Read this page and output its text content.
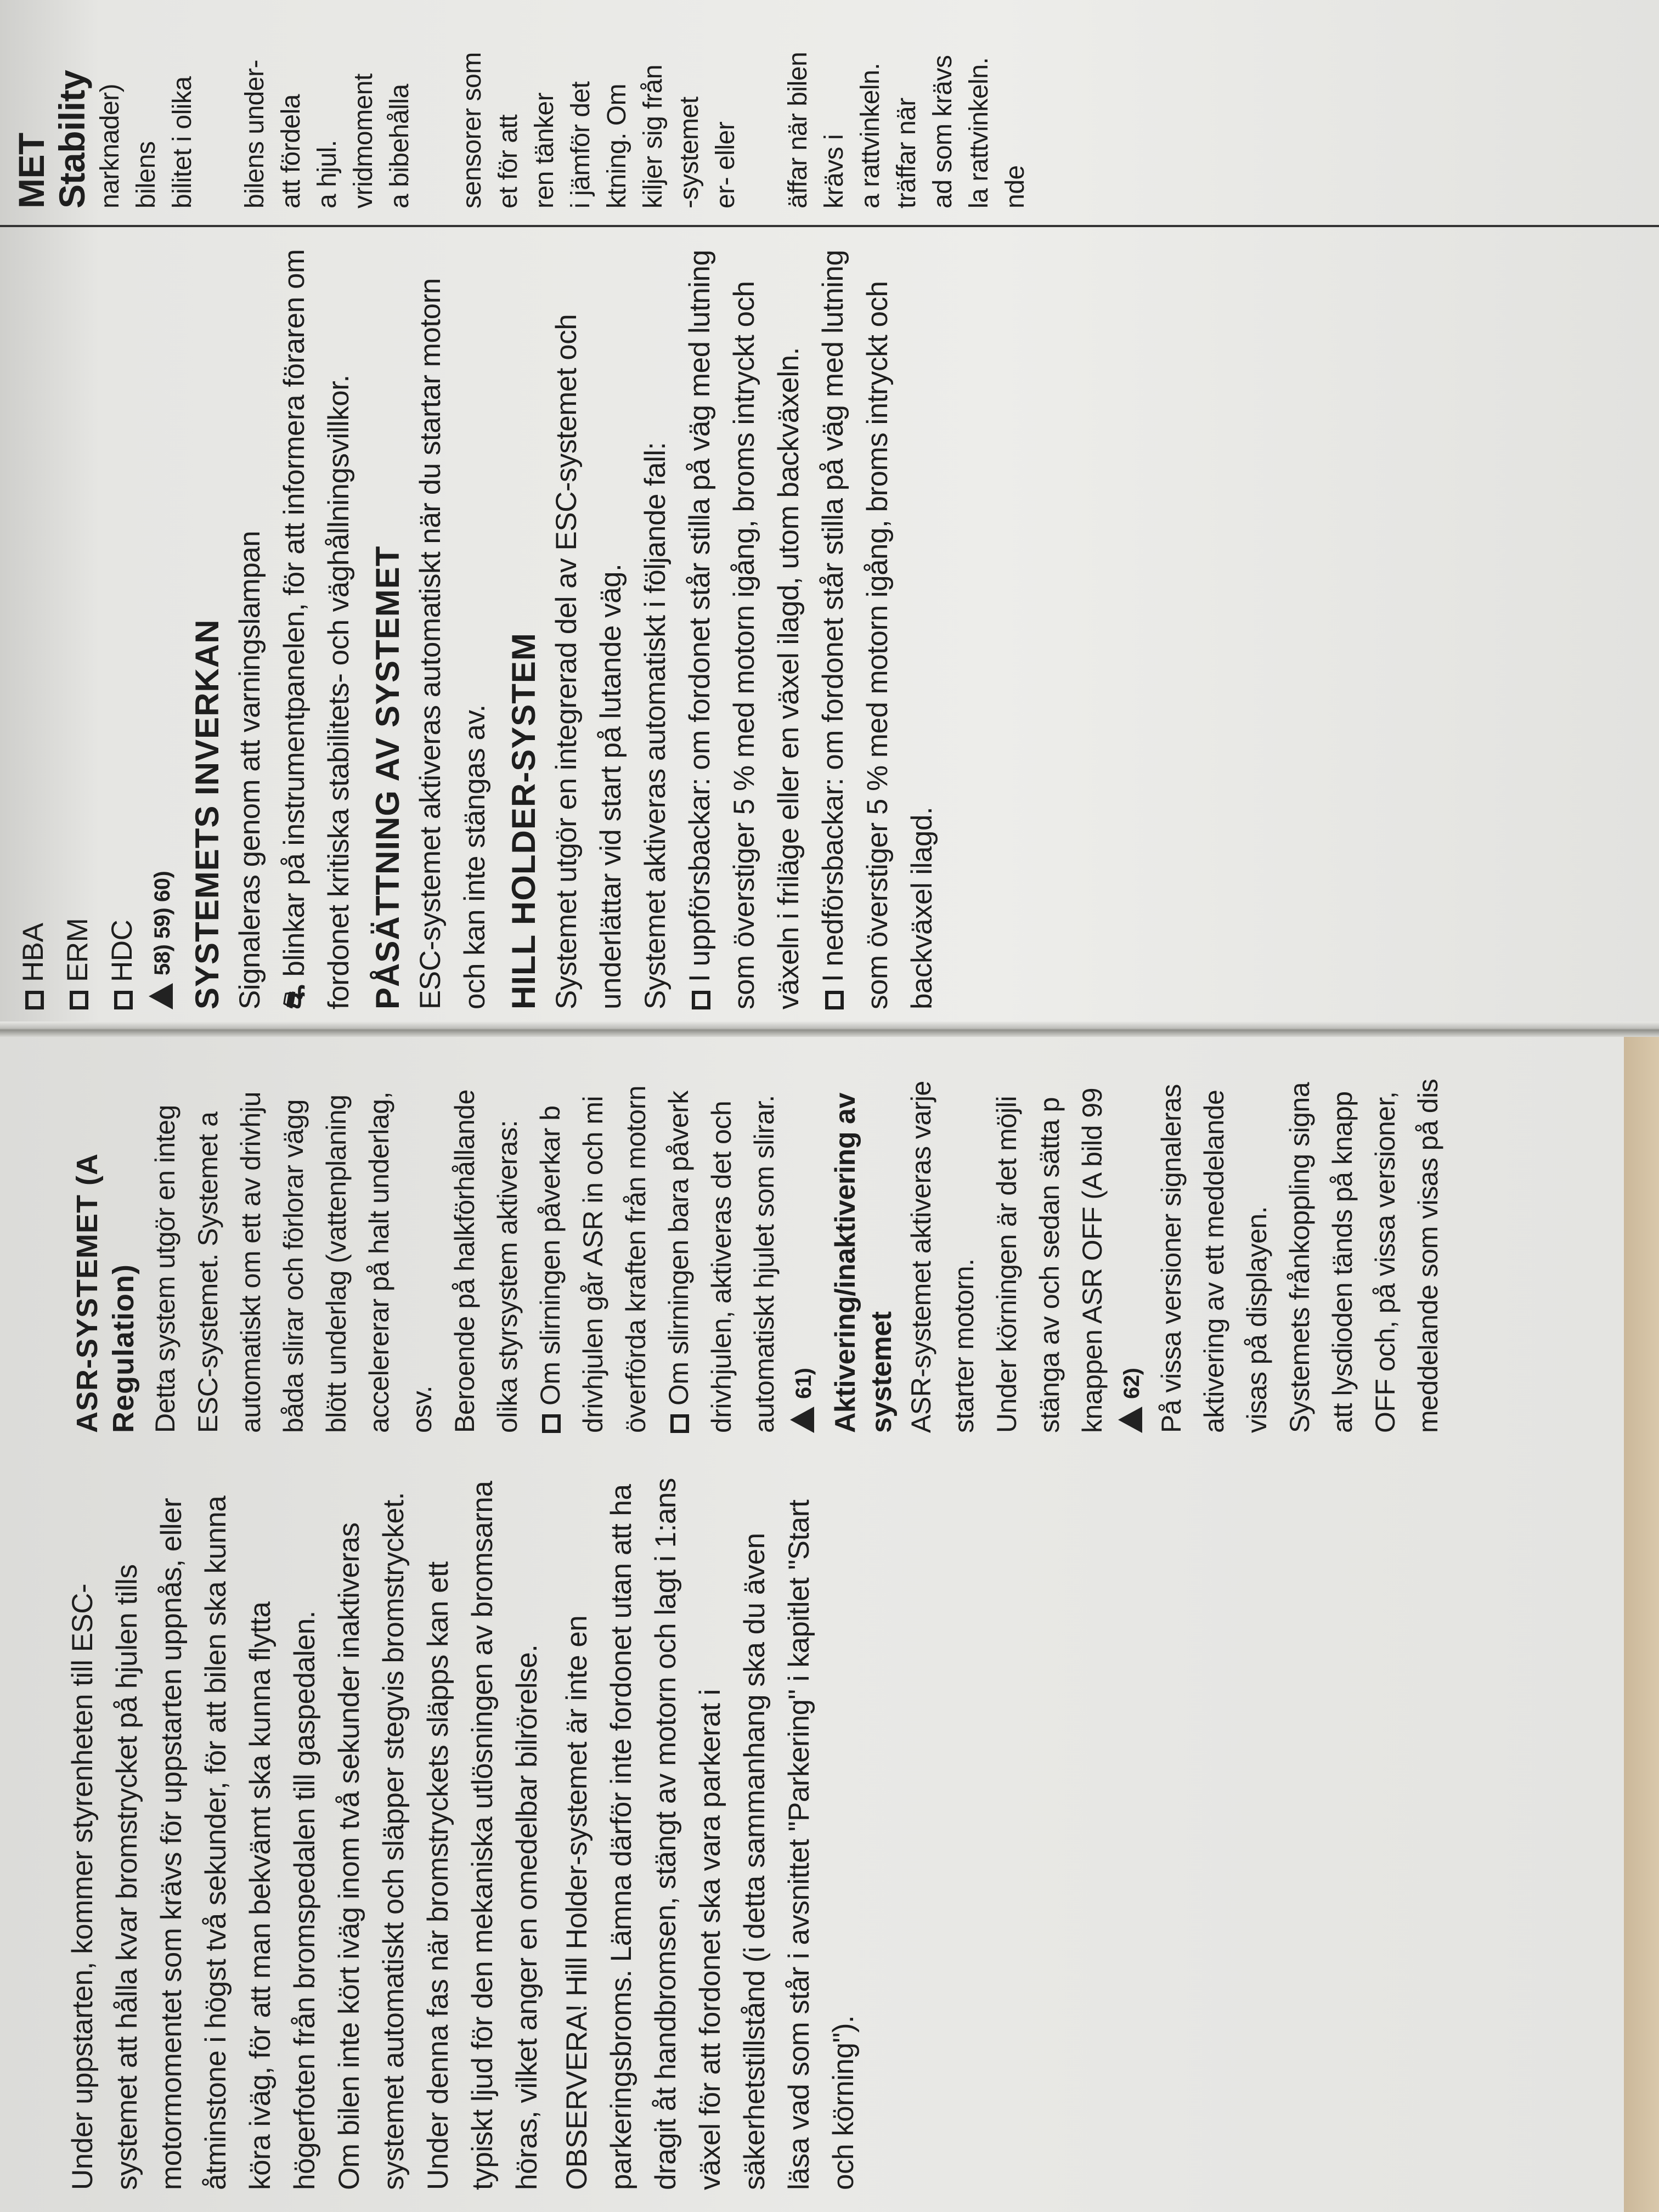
MET Stability narknader) bilens bilitet i olika
bilens under- att fördela a hjul. vridmoment a bibehålla
sensorer som et för att ren tänker i jämför det ktning. Om kiljer sig från -systemet er- eller
äffar när bilen krävs i a rattvinkeln. träffar när ad som krävs la rattvinkeln. nde

HBA ERM HDC 58) 59) 60) SYSTEMETS INVERKAN Signaleras genom att varningslampan ⛐ blinkar på instrumentpanelen, för att informera föraren om fordonet kritiska stabilitets- och väghållningsvillkor. PÅSÄTTNING AV SYSTEMET ESC-systemet aktiveras automatiskt när du startar motorn och kan inte stängas av. HILL HOLDER-SYSTEM Systemet utgör en integrerad del av ESC-systemet och underlättar vid start på lutande väg. Systemet aktiveras automatiskt i följande fall: I uppförsbackar: om fordonet står stilla på väg med lutning som överstiger 5 % med motorn igång, broms intryckt och växeln i friläge eller en växel ilagd, utom backväxeln. I nedförsbackar: om fordonet står stilla på väg med lutning som överstiger 5 % med motorn igång, broms intryckt och backväxel ilagd.

Under uppstarten, kommer styrenheten till ESC-systemet att hålla kvar bromstrycket på hjulen tills motormomentet som krävs för uppstarten uppnås, eller åtminstone i högst två sekunder, för att bilen ska kunna köra iväg, för att man bekvämt ska kunna flytta högerfoten från bromspedalen till gaspedalen. Om bilen inte kört iväg inom två sekunder inaktiveras systemet automatiskt och släpper stegvis bromstrycket. Under denna fas när bromstryckets släpps kan ett typiskt ljud för den mekaniska utlösningen av bromsarna höras, vilket anger en omedelbar bilrörelse. OBSERVERA! Hill Holder-systemet är inte en parkeringsbroms. Lämna därför inte fordonet utan att ha dragit åt handbromsen, stängt av motorn och lagt i 1:ans växel för att fordonet ska vara parkerat i säkerhetstillstånd (i detta sammanhang ska du även läsa vad som står i avsnittet "Parkering" i kapitlet "Start och körning").

ASR-SYSTEMET (A Regulation) Detta system utgör en integ ESC-systemet. Systemet a automatiskt om ett av drivhju båda slirar och förlorar vägg blött underlag (vattenplaning accelererar på halt underlag, osv. Beroende på halkförhållande olika styrsystem aktiveras: Om slirningen påverkar b drivhjulen går ASR in och mi överförda kraften från motorn Om slirningen bara påverk drivhjulen, aktiveras det och automatiskt hjulet som slirar. 61) Aktivering/inaktivering av systemet ASR-systemet aktiveras varje starter motorn. Under körningen är det möjli stänga av och sedan sätta p knappen ASR OFF (A bild 99 62) På vissa versioner signaleras aktivering av ett meddelande visas på displayen. Systemets frånkoppling signa att lysdioden tänds på knapp OFF och, på vissa versioner, meddelande som visas på dis
